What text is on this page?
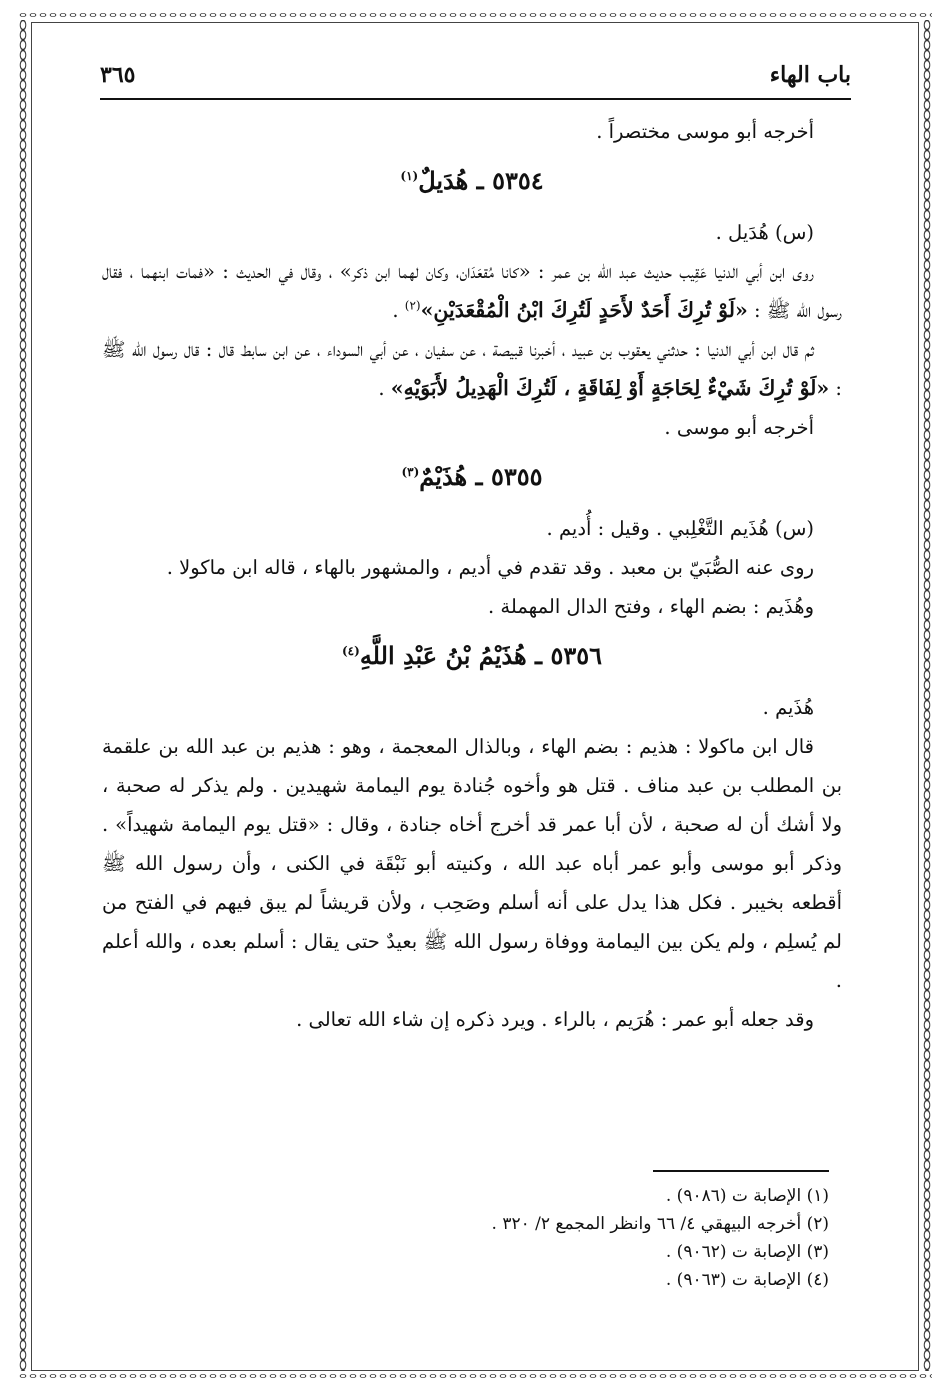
باب الهاء
٣٦٥

أخرجه أبو موسى مختصراً .

٥٣٥٤ ـ هُدَيلٌ$^{(١)}$

(س) هُدَيل .

روى ابن أبي الدنيا عَقِيب حديث عبد الله بن عمر : «كانا مُقعَدَان، وكان لهما ابن ذكر» ، وقال في الحديث : «فمات ابنهما ، فقال رسول الله ﷺ : «لَوْ تُرِكَ أَحَدٌ لأَحَدٍ لَتُرِكَ ابْنُ الْمُقْعَدَيْنِ»$^{(٢)}$ .

ثم قال ابن أبي الدنيا : حدثني يعقوب بن عبيد ، أخبرنا قبيصة ، عن سفيان ، عن أبي السوداء ، عن ابن سابط قال : قال رسول الله ﷺ : «لَوْ تُرِكَ شَيْءٌ لِحَاجَةٍ أَوْ لِفَاقَةٍ ، لَتُرِكَ الْهَدِيلُ لأَبَوَيْهِ» .

أخرجه أبو موسى .

٥٣٥٥ ـ هُذَيْمٌ$^{(٣)}$

(س) هُذَيم التَّغْلِبي . وقيل : أُديم .

روى عنه الصُّبَيّ بن معبد . وقد تقدم في أديم ، والمشهور بالهاء ، قاله ابن ماكولا .

وهُذَيم : بضم الهاء ، وفتح الدال المهملة .

٥٣٥٦ ـ هُذَيْمُ بْنُ عَبْدِ اللَّهِ$^{(٤)}$

هُذَيم .

قال ابن ماكولا : هذيم : بضم الهاء ، وبالذال المعجمة ، وهو : هذيم بن عبد الله بن علقمة بن المطلب بن عبد مناف . قتل هو وأخوه جُنادة يوم اليمامة شهيدين . ولم يذكر له صحبة ، ولا أشك أن له صحبة ، لأن أبا عمر قد أخرج أخاه جنادة ، وقال : «قتل يوم اليمامة شهيداً» . وذكر أبو موسى وأبو عمر أباه عبد الله ، وكنيته أبو نَبْقَة في الكنى ، وأن رسول الله ﷺ أقطعه بخيبر . فكل هذا يدل على أنه أسلم وصَحِب ، ولأن قريشاً لم يبق فيهم في الفتح من لم يُسلِم ، ولم يكن بين اليمامة ووفاة رسول الله ﷺ بعيدٌ حتى يقال : أسلم بعده ، والله أعلم .

وقد جعله أبو عمر : هُرَيم ، بالراء . ويرد ذكره إن شاء الله تعالى .

(١) الإصابة ت (٩٠٨٦) .
(٢) أخرجه البيهقي ٤/ ٦٦ وانظر المجمع ٢/ ٣٢٠ .
(٣) الإصابة ت (٩٠٦٢) .
(٤) الإصابة ت (٩٠٦٣) .
